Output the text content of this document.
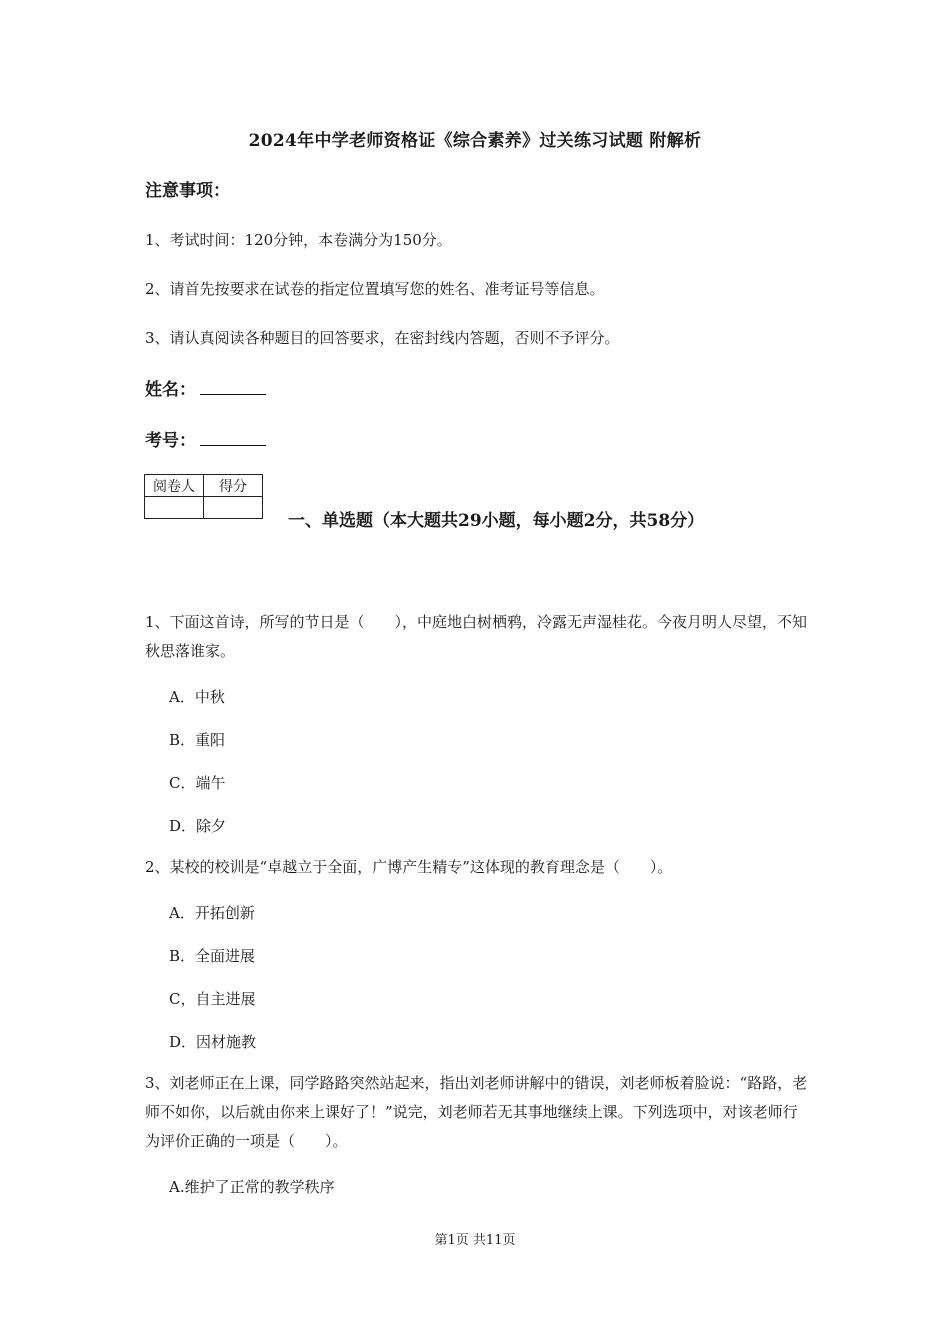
2024年中学老师资格证《综合素养》过关练习试题 附解析
注意事项：
1、考试时间：120分钟，本卷满分为150分。
2、请首先按要求在试卷的指定位置填写您的姓名、准考证号等信息。
3、请认真阅读各种题目的回答要求，在密封线内答题，否则不予评分。
姓名：
考号：
阅卷人	得分

一、单选题（本大题共29小题，每小题2分，共58分）
1、下面这首诗，所写的节日是（　　），中庭地白树栖鸦，冷露无声湿桂花。今夜月明人尽望，不知秋思落谁家。
A．中秋
B．重阳
C．端午
D．除夕
2、某校的校训是“卓越立于全面，广博产生精专”这体现的教育理念是（　　）。
A．开拓创新
B．全面进展
C，自主进展
D．因材施教
3、刘老师正在上课，同学路路突然站起来，指出刘老师讲解中的错误，刘老师板着脸说：“路路，老师不如你，以后就由你来上课好了！”说完，刘老师若无其事地继续上课。下列选项中，对该老师行为评价正确的一项是（　　）。
A.维护了正常的教学秩序
第1页 共11页
